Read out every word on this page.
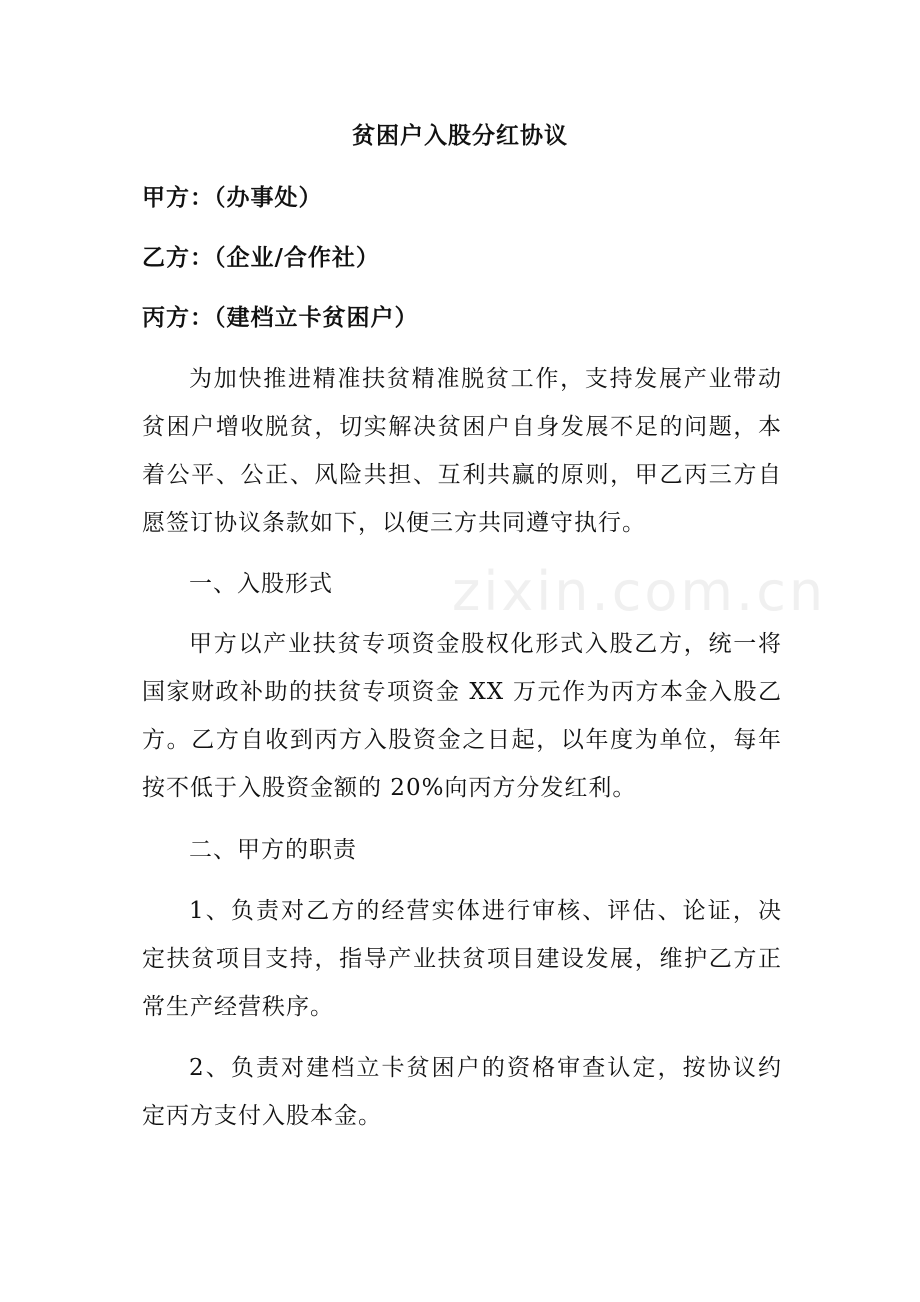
zixin.com.cn
贫困户入股分红协议
甲方：（办事处）
乙方：（企业/合作社）
丙方：（建档立卡贫困户）
为加快推进精准扶贫精准脱贫工作，支持发展产业带动
贫困户增收脱贫，切实解决贫困户自身发展不足的问题，本
着公平、公正、风险共担、互利共赢的原则，甲乙丙三方自
愿签订协议条款如下，以便三方共同遵守执行。
一、入股形式
甲方以产业扶贫专项资金股权化形式入股乙方，统一将
国家财政补助的扶贫专项资金 XX 万元作为丙方本金入股乙
方。乙方自收到丙方入股资金之日起，以年度为单位，每年
按不低于入股资金额的 20%向丙方分发红利。
二、甲方的职责
1、负责对乙方的经营实体进行审核、评估、论证，决
定扶贫项目支持，指导产业扶贫项目建设发展，维护乙方正
常生产经营秩序。
2、负责对建档立卡贫困户的资格审查认定，按协议约
定丙方支付入股本金。
